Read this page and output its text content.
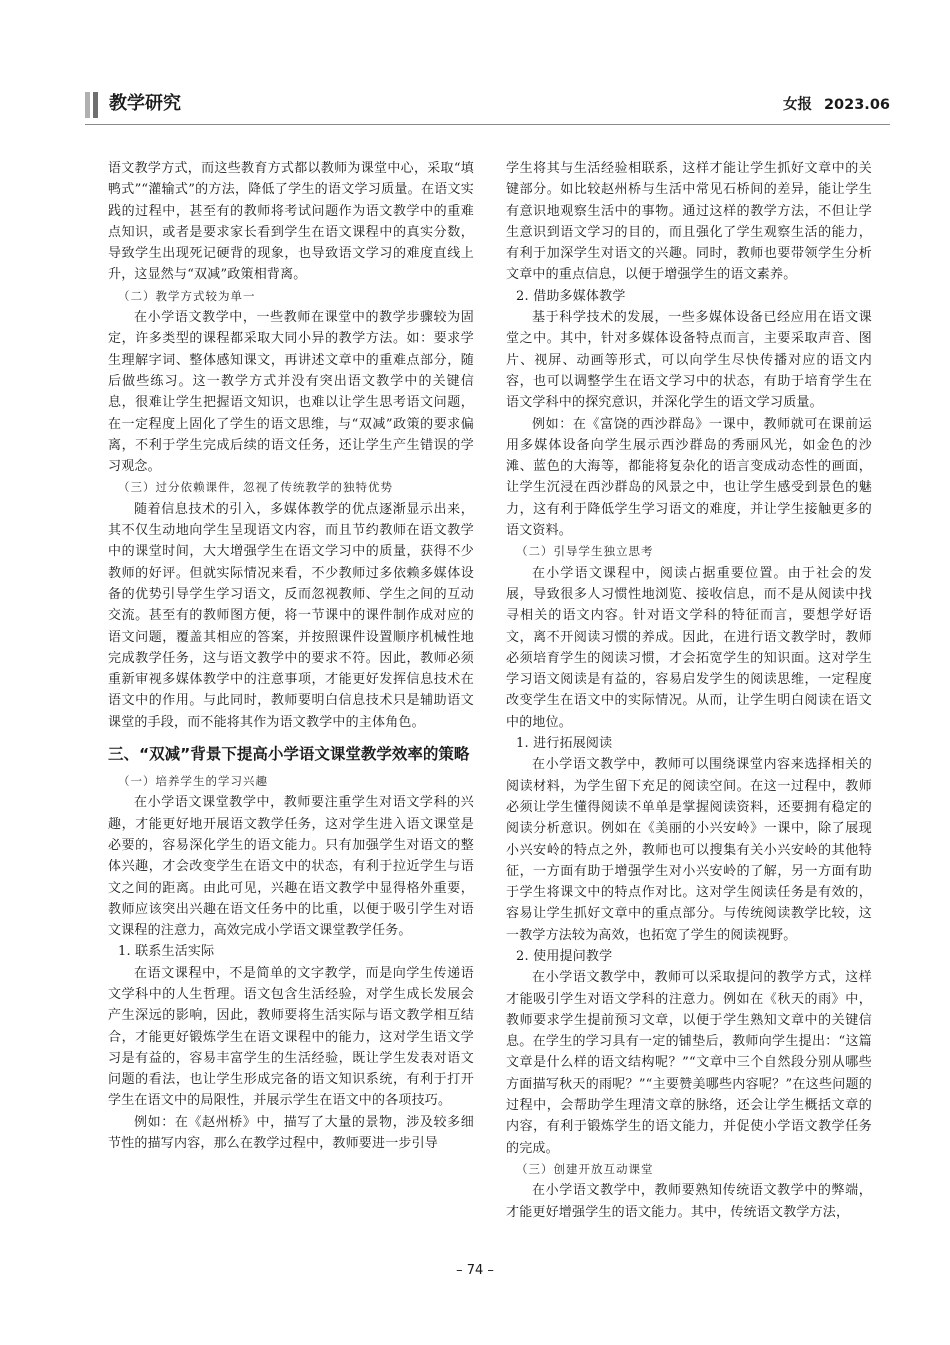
教学研究	女报 2023.06

语文教学方式，而这些教育方式都以教师为课堂中心，采取“填鸭式”“灌输式”的方法，降低了学生的语文学习质量。在语文实践的过程中，甚至有的教师将考试问题作为语文教学中的重难点知识，或者是要求家长看到学生在语文课程中的真实分数，导致学生出现死记硬背的现象，也导致语文学习的难度直线上升，这显然与“双减”政策相背离。

（二）教学方式较为单一

在小学语文教学中，一些教师在课堂中的教学步骤较为固定，许多类型的课程都采取大同小异的教学方法。如：要求学生理解字词、整体感知课文，再讲述文章中的重难点部分，随后做些练习。这一教学方式并没有突出语文教学中的关键信息，很难让学生把握语文知识，也难以让学生思考语文问题，在一定程度上固化了学生的语文思维，与“双减”政策的要求偏离，不利于学生完成后续的语文任务，还让学生产生错误的学习观念。

（三）过分依赖课件，忽视了传统教学的独特优势

随着信息技术的引入，多媒体教学的优点逐渐显示出来，其不仅生动地向学生呈现语文内容，而且节约教师在语文教学中的课堂时间，大大增强学生在语文学习中的质量，获得不少教师的好评。但就实际情况来看，不少教师过多依赖多媒体设备的优势引导学生学习语文，反而忽视教师、学生之间的互动交流。甚至有的教师图方便，将一节课中的课件制作成对应的语文问题，覆盖其相应的答案，并按照课件设置顺序机械性地完成教学任务，这与语文教学中的要求不符。因此，教师必须重新审视多媒体教学中的注意事项，才能更好发挥信息技术在语文中的作用。与此同时，教师要明白信息技术只是辅助语文课堂的手段，而不能将其作为语文教学中的主体角色。

三、“双减”背景下提高小学语文课堂教学效率的策略

（一）培养学生的学习兴趣

在小学语文课堂教学中，教师要注重学生对语文学科的兴趣，才能更好地开展语文教学任务，这对学生进入语文课堂是必要的，容易深化学生的语文能力。只有加强学生对语文的整体兴趣，才会改变学生在语文中的状态，有利于拉近学生与语文之间的距离。由此可见，兴趣在语文教学中显得格外重要，教师应该突出兴趣在语文任务中的比重，以便于吸引学生对语文课程的注意力，高效完成小学语文课堂教学任务。

1. 联系生活实际

在语文课程中，不是简单的文字教学，而是向学生传递语文学科中的人生哲理。语文包含生活经验，对学生成长发展会产生深远的影响，因此，教师要将生活实际与语文教学相互结合，才能更好锻炼学生在语文课程中的能力，这对学生语文学习是有益的，容易丰富学生的生活经验，既让学生发表对语文问题的看法，也让学生形成完备的语文知识系统，有利于打开学生在语文中的局限性，并展示学生在语文中的各项技巧。

例如：在《赵州桥》中，描写了大量的景物，涉及较多细节性的描写内容，那么在教学过程中，教师要进一步引导

学生将其与生活经验相联系，这样才能让学生抓好文章中的关键部分。如比较赵州桥与生活中常见石桥间的差异，能让学生有意识地观察生活中的事物。通过这样的教学方法，不但让学生意识到语文学习的目的，而且强化了学生观察生活的能力，有利于加深学生对语文的兴趣。同时，教师也要带领学生分析文章中的重点信息，以便于增强学生的语文素养。

2. 借助多媒体教学

基于科学技术的发展，一些多媒体设备已经应用在语文课堂之中。其中，针对多媒体设备特点而言，主要采取声音、图片、视屏、动画等形式，可以向学生尽快传播对应的语文内容，也可以调整学生在语文学习中的状态，有助于培育学生在语文学科中的探究意识，并深化学生的语文学习质量。

例如：在《富饶的西沙群岛》一课中，教师就可在课前运用多媒体设备向学生展示西沙群岛的秀丽风光，如金色的沙滩、蓝色的大海等，都能将复杂化的语言变成动态性的画面，让学生沉浸在西沙群岛的风景之中，也让学生感受到景色的魅力，这有利于降低学生学习语文的难度，并让学生接触更多的语文资料。

（二）引导学生独立思考

在小学语文课程中，阅读占据重要位置。由于社会的发展，导致很多人习惯性地浏览、接收信息，而不是从阅读中找寻相关的语文内容。针对语文学科的特征而言，要想学好语文，离不开阅读习惯的养成。因此，在进行语文教学时，教师必须培育学生的阅读习惯，才会拓宽学生的知识面。这对学生学习语文阅读是有益的，容易启发学生的阅读思维，一定程度改变学生在语文中的实际情况。从而，让学生明白阅读在语文中的地位。

1. 进行拓展阅读

在小学语文教学中，教师可以围绕课堂内容来选择相关的阅读材料，为学生留下充足的阅读空间。在这一过程中，教师必须让学生懂得阅读不单单是掌握阅读资料，还要拥有稳定的阅读分析意识。例如在《美丽的小兴安岭》一课中，除了展现小兴安岭的特点之外，教师也可以搜集有关小兴安岭的其他特征，一方面有助于增强学生对小兴安岭的了解，另一方面有助于学生将课文中的特点作对比。这对学生阅读任务是有效的，容易让学生抓好文章中的重点部分。与传统阅读教学比较，这一教学方法较为高效，也拓宽了学生的阅读视野。

2. 使用提问教学

在小学语文教学中，教师可以采取提问的教学方式，这样才能吸引学生对语文学科的注意力。例如在《秋天的雨》中，教师要求学生提前预习文章，以便于学生熟知文章中的关键信息。在学生的学习具有一定的铺垫后，教师向学生提出：“这篇文章是什么样的语文结构呢？”“文章中三个自然段分别从哪些方面描写秋天的雨呢？”“主要赞美哪些内容呢？”在这些问题的过程中，会帮助学生理清文章的脉络，还会让学生概括文章的内容，有利于锻炼学生的语文能力，并促使小学语文教学任务的完成。

（三）创建开放互动课堂

在小学语文教学中，教师要熟知传统语文教学中的弊端，才能更好增强学生的语文能力。其中，传统语文教学方法，

– 74 –
